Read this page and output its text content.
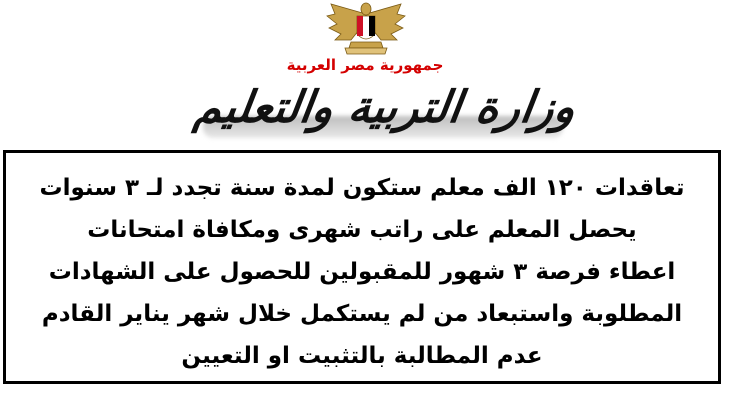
جمهورية مصر العربية
وزارة التربية والتعليم
تعاقدات ١٢٠ الف معلم ستكون لمدة سنة تجدد لـ ٣ سنوات
يحصل المعلم على راتب شهرى ومكافاة امتحانات
اعطاء فرصة ٣ شهور للمقبولين للحصول على الشهادات
المطلوبة واستبعاد من لم يستكمل خلال شهر يناير القادم
عدم المطالبة بالتثبيت او التعيين
